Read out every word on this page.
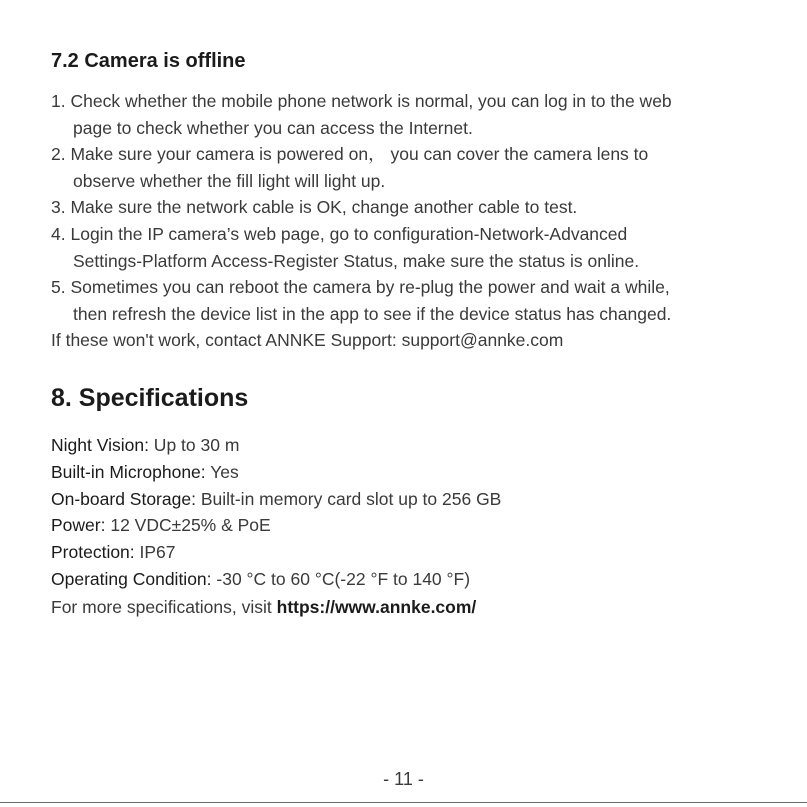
7.2 Camera is offline
1. Check whether the mobile phone network is normal, you can log in to the web
page to check whether you can access the Internet.
2. Make sure your camera is powered on， you can cover the camera lens to
observe whether the fill light will light up.
3. Make sure the network cable is OK, change another cable to test.
4. Login the IP camera’s web page, go to configuration-Network-Advanced
Settings-Platform Access-Register Status, make sure the status is online.
5. Sometimes you can reboot the camera by re-plug the power and wait a while,
then refresh the device list in the app to see if the device status has changed.
If these won't work, contact ANNKE Support: support@annke.com
8. Specifications
Night Vision: Up to 30 m
Built-in Microphone: Yes
On-board Storage: Built-in memory card slot up to 256 GB
Power: 12 VDC±25% & PoE
Protection: IP67
Operating Condition: -30 °C to 60 °C(-22 °F to 140 °F)
For more specifications, visit https://www.annke.com/
- 11 -
